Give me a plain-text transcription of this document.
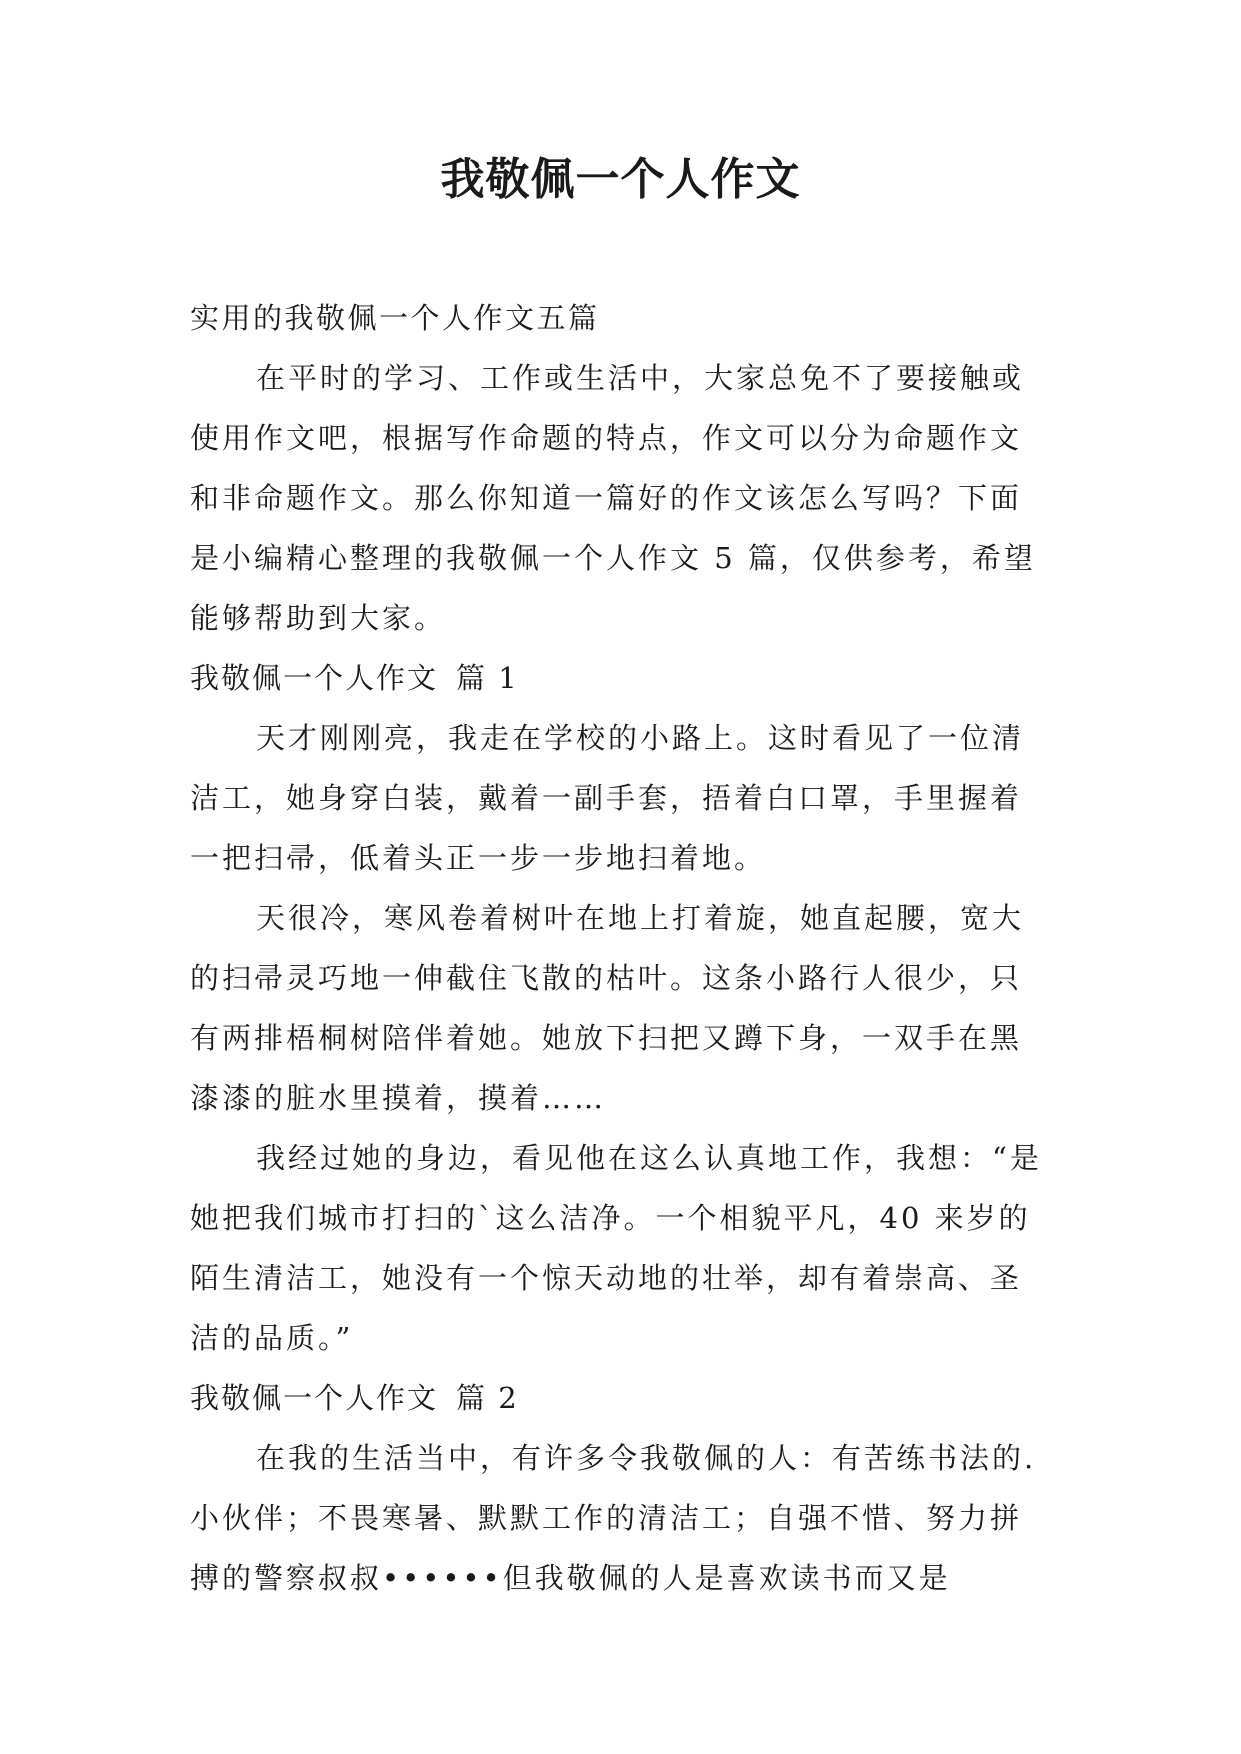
我敬佩一个人作文
实用的我敬佩一个人作文五篇
在平时的学习、工作或生活中，大家总免不了要接触或
使用作文吧，根据写作命题的特点，作文可以分为命题作文
和非命题作文。那么你知道一篇好的作文该怎么写吗？下面
是小编精心整理的我敬佩一个人作文 5 篇，仅供参考，希望
能够帮助到大家。
我敬佩一个人作文 篇 1
天才刚刚亮，我走在学校的小路上。这时看见了一位清
洁工，她身穿白装，戴着一副手套，捂着白口罩，手里握着
一把扫帚，低着头正一步一步地扫着地。
天很冷，寒风卷着树叶在地上打着旋，她直起腰，宽大
的扫帚灵巧地一伸截住飞散的枯叶。这条小路行人很少，只
有两排梧桐树陪伴着她。她放下扫把又蹲下身，一双手在黑
漆漆的脏水里摸着，摸着……
我经过她的身边，看见他在这么认真地工作，我想：“是
她把我们城市打扫的`这么洁净。一个相貌平凡，40 来岁的
陌生清洁工，她没有一个惊天动地的壮举，却有着崇高、圣
洁的品质。”
我敬佩一个人作文 篇 2
在我的生活当中，有许多令我敬佩的人：有苦练书法的.
小伙伴；不畏寒暑、默默工作的清洁工；自强不惜、努力拼
搏的警察叔叔••••••但我敬佩的人是喜欢读书而又是
